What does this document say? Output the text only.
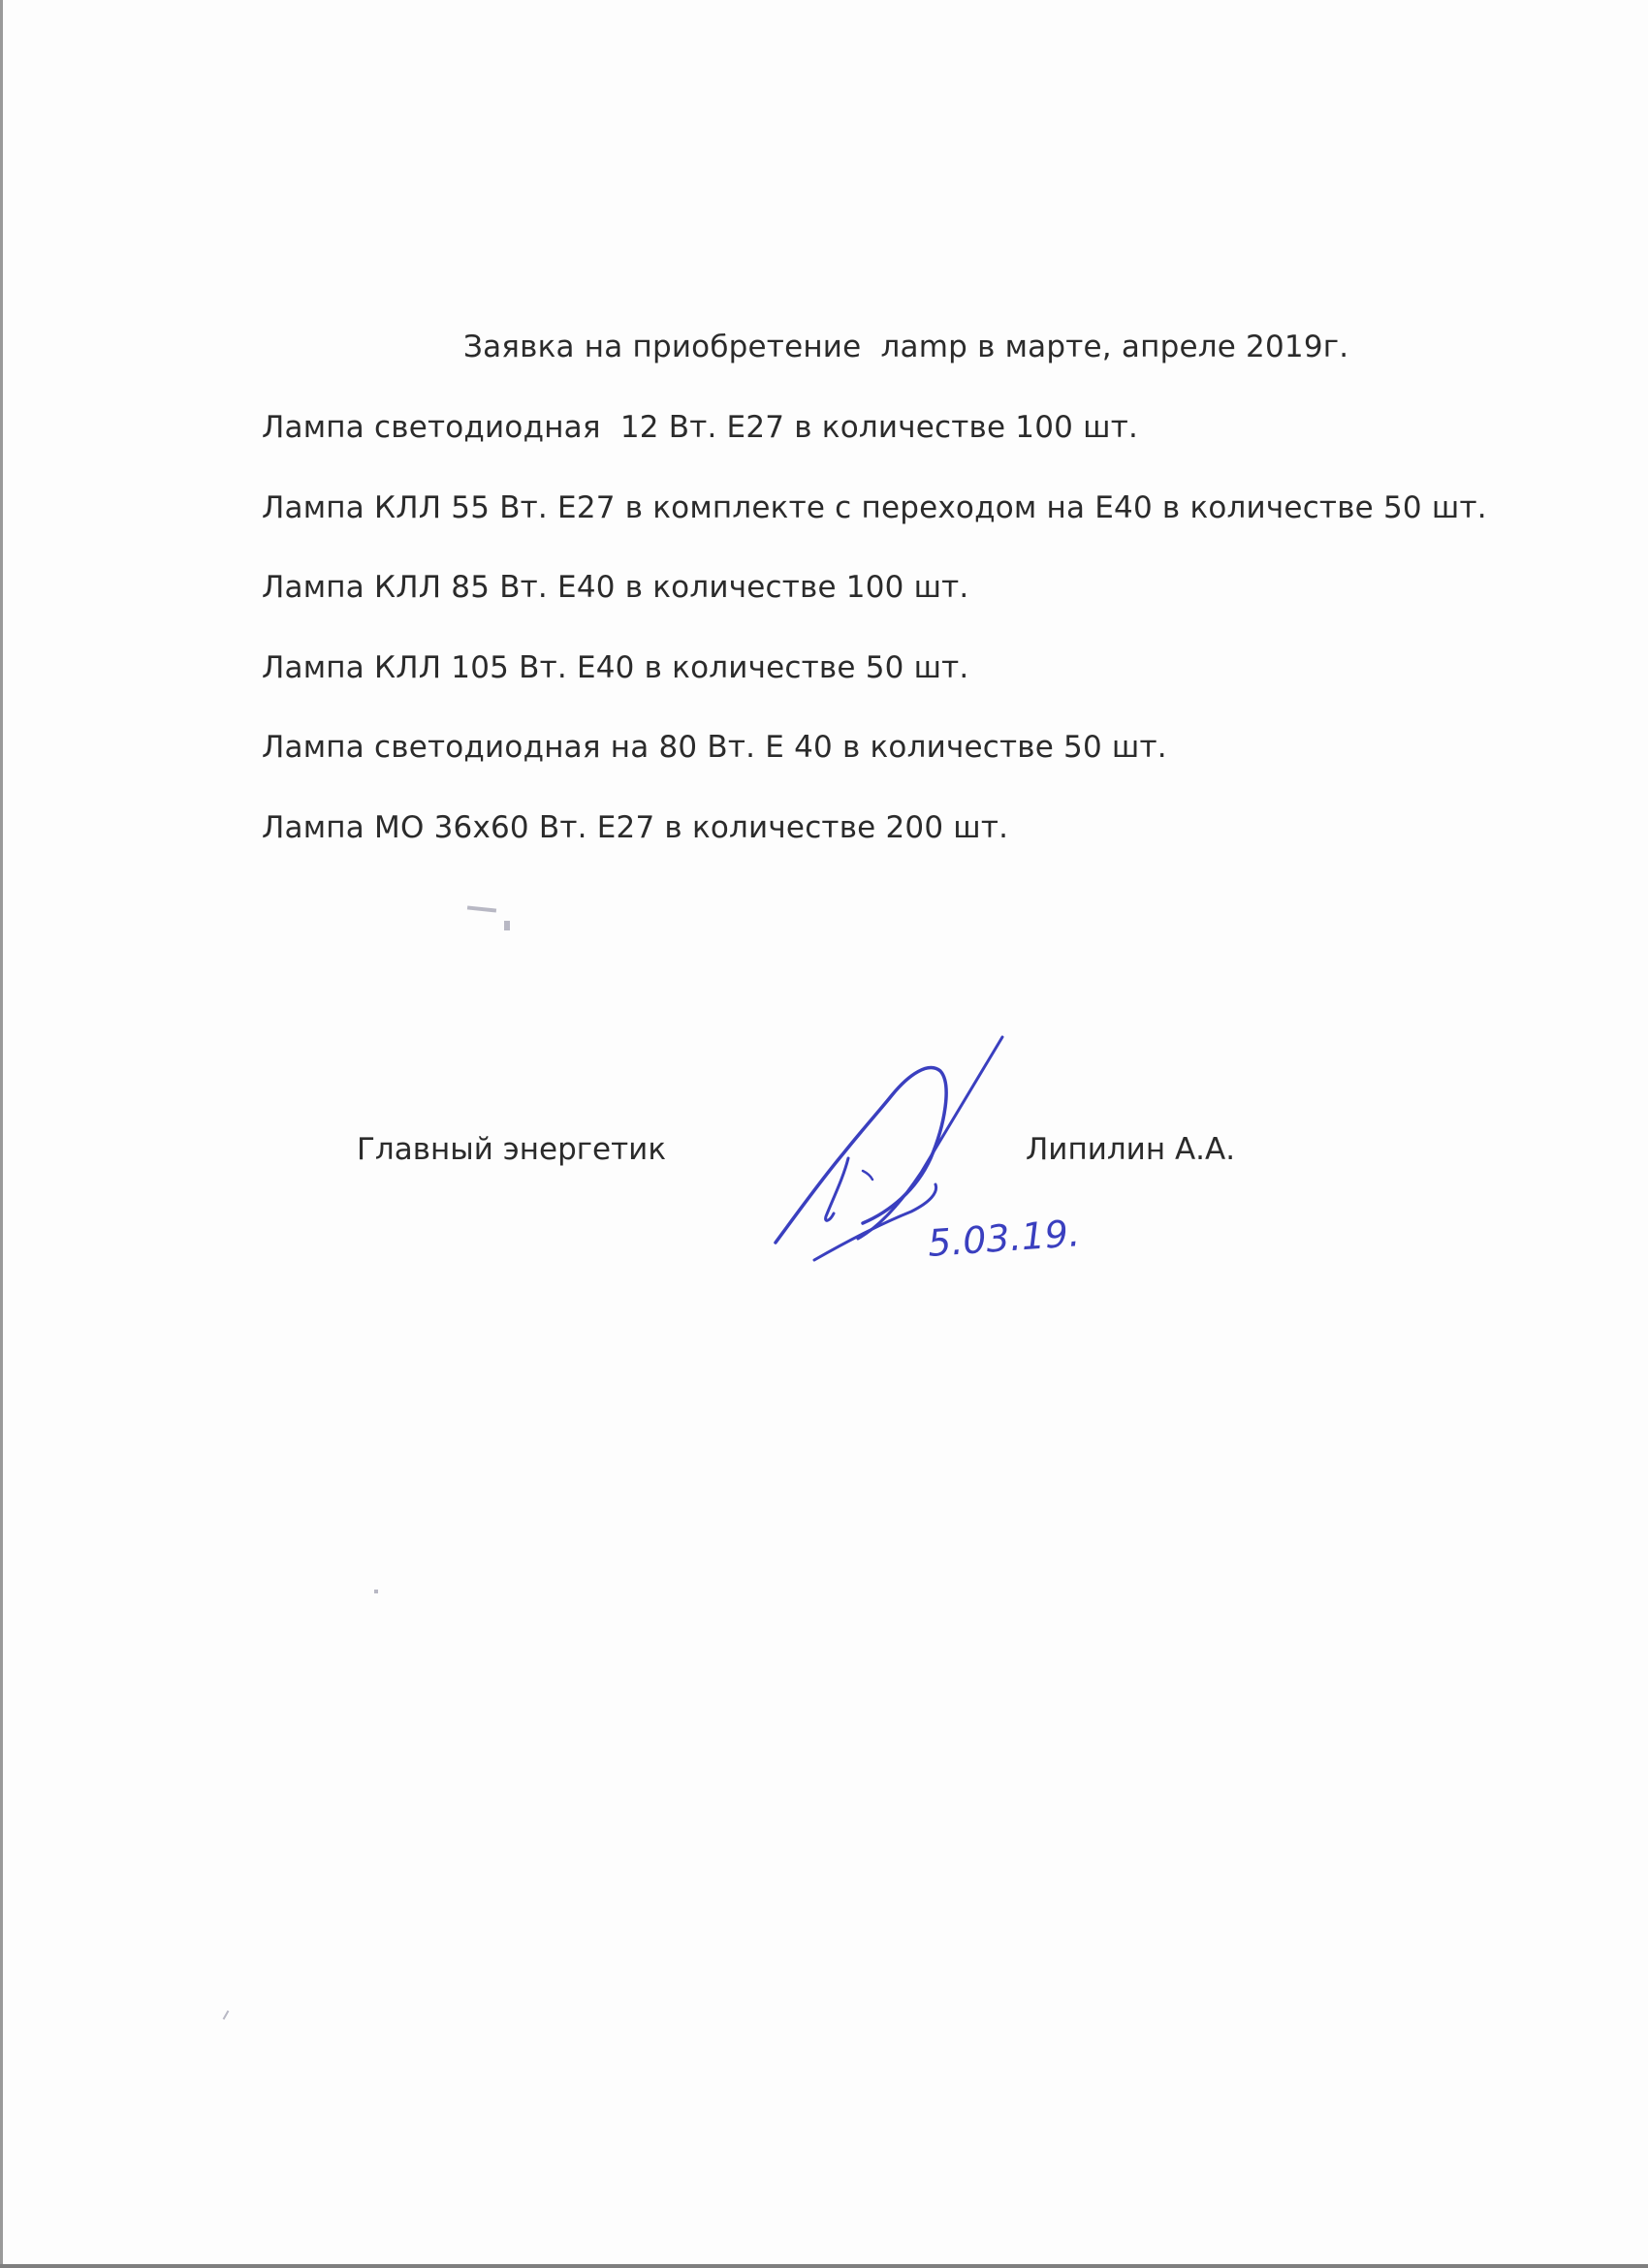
Заявка на приобретение  лamp в марте, апреле 2019г.
Лампа светодиодная  12 Вт. Е27 в количестве 100 шт.
Лампа КЛЛ 55 Вт. Е27 в комплекте с переходом на Е40 в количестве 50 шт.
Лампа КЛЛ 85 Вт. Е40 в количестве 100 шт.
Лампа КЛЛ 105 Вт. Е40 в количестве 50 шт.
Лампа светодиодная на 80 Вт. Е 40 в количестве 50 шт.
Лампа МО 36х60 Вт. Е27 в количестве 200 шт.
Главный энергетик	Липилин А.А.
5.03.19.
